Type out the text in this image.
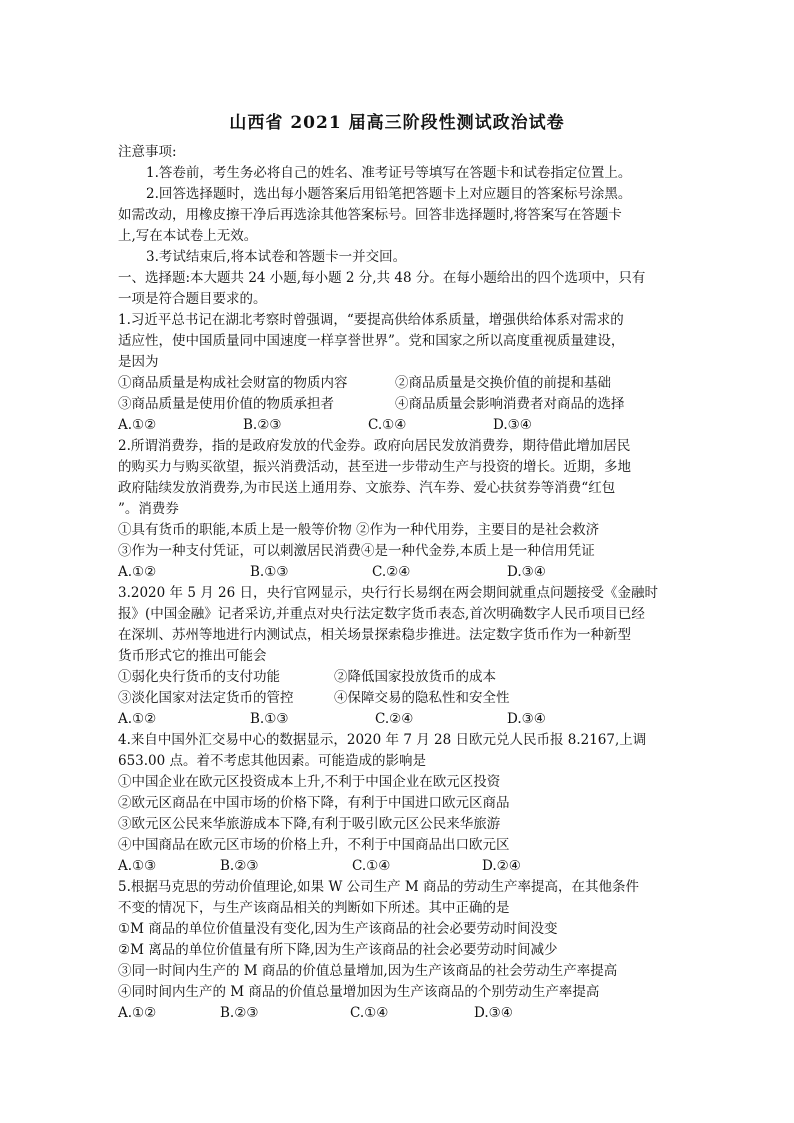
山西省 2021 届高三阶段性测试政治试卷
注意事项:
1.答卷前，考生务必将自己的姓名、准考证号等填写在答题卡和试卷指定位置上。
2.回答选择题时，选出每小题答案后用铅笔把答题卡上对应题目的答案标号涂黑。
如需改动，用橡皮擦干净后再选涂其他答案标号。回答非选择题时,将答案写在答题卡
上,写在本试卷上无效。
3.考试结束后,将本试卷和答题卡一并交回。
一、选择题:本大题共 24 小题,每小题 2 分,共 48 分。在每小题给出的四个选项中，只有
一项是符合题目要求的。
1.习近平总书记在湖北考察时曾强调，“要提高供给体系质量，增强供给体系对需求的
适应性，使中国质量同中国速度一样享誉世界”。党和国家之所以高度重视质量建设，
是因为
①商品质量是构成社会财富的物质内容	②商品质量是交换价值的前提和基础
③商品质量是使用价值的物质承担者	④商品质量会影响消费者对商品的选择
A.①②	B.②③	C.①④	D.③④
2.所谓消费券，指的是政府发放的代金券。政府向居民发放消费券，期待借此增加居民
的购买力与购买欲望，振兴消费活动，甚至进一步带动生产与投资的增长。近期，多地
政府陆续发放消费券,为市民送上通用券、文旅券、汽车券、爱心扶贫券等消费“红包
”。消费券
①具有货币的职能,本质上是一般等价物 ②作为一种代用券，主要目的是社会救济
③作为一种支付凭证，可以刺激居民消费④是一种代金券,本质上是一种信用凭证
A.①②	B.①③	C.②④	D.③④
3.2020 年 5 月 26 日，央行官网显示，央行行长易纲在两会期间就重点问题接受《金融时
报》(中国金融》记者采访,并重点对央行法定数字货币表态,首次明确数字人民币项目已经
在深圳、苏州等地进行内测试点，相关场景探索稳步推进。法定数字货币作为一种新型
货币形式它的推出可能会
①弱化央行货币的支付功能	②降低国家投放货币的成本
③淡化国家对法定货币的管控	④保障交易的隐私性和安全性
A.①②	B.①③	C.②④	D.③④
4.来自中国外汇交易中心的数据显示，2020 年 7 月 28 日欧元兑人民币报 8.2167,上调
653.00 点。着不考虑其他因素。可能造成的影响是
①中国企业在欧元区投资成本上升,不利于中国企业在欧元区投资
②欧元区商品在中国市场的价格下降，有利于中国进口欧元区商品
③欧元区公民来华旅游成本下降,有利于吸引欧元区公民来华旅游
④中国商品在欧元区市场的价格上升，不利于中国商品出口欧元区
A.①③	B.②③	C.①④	D.②④
5.根据马克思的劳动价值理论,如果 W 公司生产 M 商品的劳动生产率提高，在其他条件
不变的情况下，与生产该商品相关的判断如下所述。其中正确的是
①M 商品的单位价值量没有变化,因为生产该商品的社会必要劳动时间没变
②M 离品的单位价值量有所下降,因为生产该商品的社会必要劳动时间减少
③同一时间内生产的 M 商品的价值总量增加,因为生产该商品的社会劳动生产率提高
④同时间内生产的 M 商品的价值总量增加因为生产该商品的个别劳动生产率提高
A.①②	B.②③	C.①④	D.③④
